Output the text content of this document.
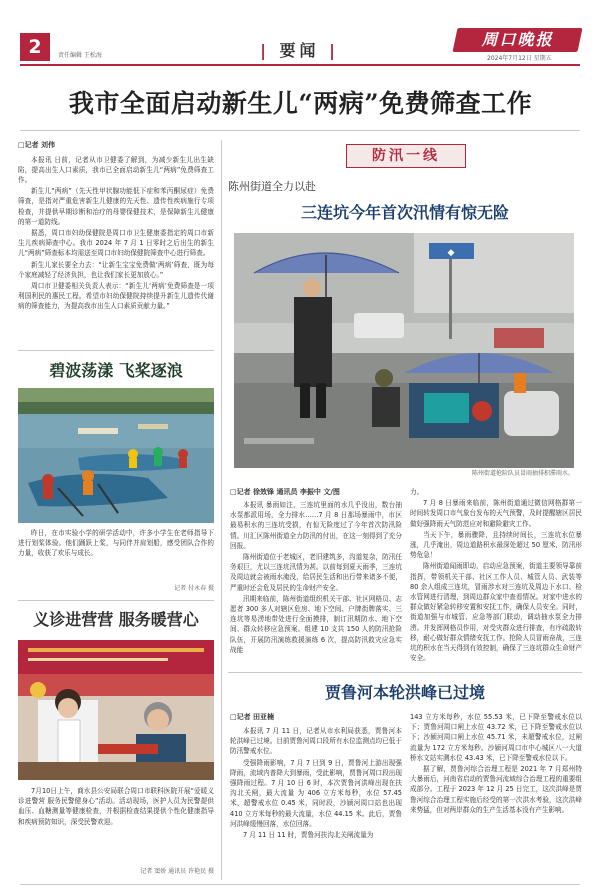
2	责任编辑 王松海	| 要闻 |
周口晚报
2024年7月12日 星期五
我市全面启动新生儿“两病”免费筛查工作
□记者 刘伟

本报讯 日前，记者从市卫健委了解到，为减少新生儿出生缺陷，提高出生人口素质，我市已全面启动新生儿“两病”免费筛查工作。

新生儿“两病”（先天性甲状腺功能低下症和苯丙酮尿症）免费筛查，是指对严重危害新生儿健康的先天性、遗传性疾病施行专项检查，并提供早期诊断和治疗的母婴保健技术，是保障新生儿健康的第一道防线。

据悉，周口市妇幼保健院是周口市卫生健康委指定的周口市新生儿疾病筛查中心。我市 2024 年 7 月 1 日零时之后出生的新生儿“两病”筛查标本均需送至周口市妇幼保健院筛查中心进行筛查。

新生儿家长要全力去：“让新生宝宝免费做‘两病’筛查，既为每个家庭减轻了经济负担，也让我们家长更加放心。”

周口市卫健委相关负责人表示：“新生儿‘两病’免费筛查是一项利国利民的惠民工程。希望市妇幼保健院持续提升新生儿遗传代谢病的筛查能力，为提高我市出生人口素质贡献力量。”

碧波荡漾 飞桨逐浪
昨日，在市实验小学的研学活动中，许多小学生在老师指导下进行划桨体验。他们踊跃上桨，与同伴并肩划船，感受团队合作的力量，收获了欢乐与成长。
记者 付永春 摄
义诊进营营 服务暖营心
7月10日上午，商水县公安局联合周口市联科医院开展“爱暖义诊进警营 服务民警健身心”活动。活动现场，医护人员为民警提供血压、血糖测量等健康检查，并根据检查结果提供个性化健康指导和疾病预防知识，深受民警欢迎。
记者 窦娇 通讯员 许艳民 摄
防汛一线
陈州街道全力以赴
三连坑今年首次汛情有惊无险
◆
陈州街道抢险队员冒雨抽排积滞雨水。
□记者 徐效锋 通讯员 李振中 文/图

本报讯 暴雨如注，三连坑里面的水几乎没出，数台抽水泵都派用场，全力排水……7 月 8 日那场暴雨中，市区最易积水的三连坑受损，有惊无险度过了今年首次防汛险情。川汇区陈州街道全力防汛的付出，在这一刻得到了充分回报。

陈州街道位于老城区，老旧建筑多，沟道复杂，防汛任务艰巨，尤以三连坑汛情为甚。以前每到夏天雨季，三连坑及周边就会被雨水淹没，给居民生活和出行带来诸多不便，严重时还会危及居民的生命财产安全。

汛期来临前，陈州街道组织机关干部、社区网格员、志愿者 300 多人对辖区危房、地下空间、户牌街牌落实、三连坑等易涝地带处进行全面摸排，制订汛期防水、地下空间、群众转移应急预案。组建 10 支共 150 人的防汛抢险队伍，开展防汛演练救援演练 6 次，提高防汛救灾应急实战能

力。

7 月 8 日暴雨来临前，陈州街道通过微信网格群第一时间转发周口市气象台发布的天气预警，及时提醒辖区居民做好强降雨天气防范应对和避险避灾工作。

当天下午，暴雨骤降，且持续时间长，三连坑水位暴涨，几乎淹出，周边道路积水最深处超过 50 厘米，防汛形势危急！

陈州街道闻雨即动，启动应急预案，街道主要领导靠前指挥，带领机关干部、社区工作人员、城管人员、武装等 80 余人组成三连坑，冒雨涉水对三连坑及周边下水口、检水管网进行清理，到周边群众家中查看情况。对家中进水的群众做好紧急转移安置和安抚工作，确保人员安全。同时，街道加强与市城管、应急等部门联动，调动抽水泵全力排涝。并发挥网格员作用，对受灾群众进行排查，有序疏散转移，耐心做好群众情绪安抚工作。抢险人员冒雨奋战，三连坑的积水在当天得到有效控制，确保了三连坑群众生命财产安全。

贾鲁河本轮洪峰已过境
□记者 田亚楠

本报讯 7 月 11 日，记者从市水利局获悉，贾鲁河本轮洪峰已过境。目前贾鲁河周口段所有水位监测点均已低于防汛警戒水位。

受强降雨影响，7 月 7 日到 9 日，贾鲁河上游出现强降雨，流域内普降大到暴雨，受此影响，贾鲁河周口段出现强降雨过程。7 月 10 日 6 时，本次贾鲁河洪峰出现在扶沟北关闸，最大流量 为 406 立方米每秒，水位 57.45 米，超警戒水位 0.45 米，同时段，沙颍河周口站也出现 410 立方米每秒的最大流量，水位 44.15 米。此后，贾鲁河洪峰缓慢回落，水位回落。

7 月 11 日 11 时，贾鲁河扶沟北关闸流量为

143 立方米每秒，水位 55.53 米，已下降至警戒水位以下；贾鲁河周口闸上水位 43.72 米，已下降至警戒水位以下；沙颍河周口闸上水位 45.71 米，未超警戒水位，过闸流量为 172 立方米每秒。沙颍河周口市中心城区八一大道桥水文站实测水位 43.43 米，已下降至警戒水位以下。

据了解，贾鲁河综合治理工程是 2021 年 7 月郑州特大暴雨后，河南省启动的贾鲁河流域综合治理工程的重要组成部分。工程于 2023 年 12 月 25 日完工，这次洪峰是贾鲁河综合治理工程实施后经受的第一次洪水考验，这次洪峰来势猛，但对两岸群众的生产生活基本没有产生影响。
